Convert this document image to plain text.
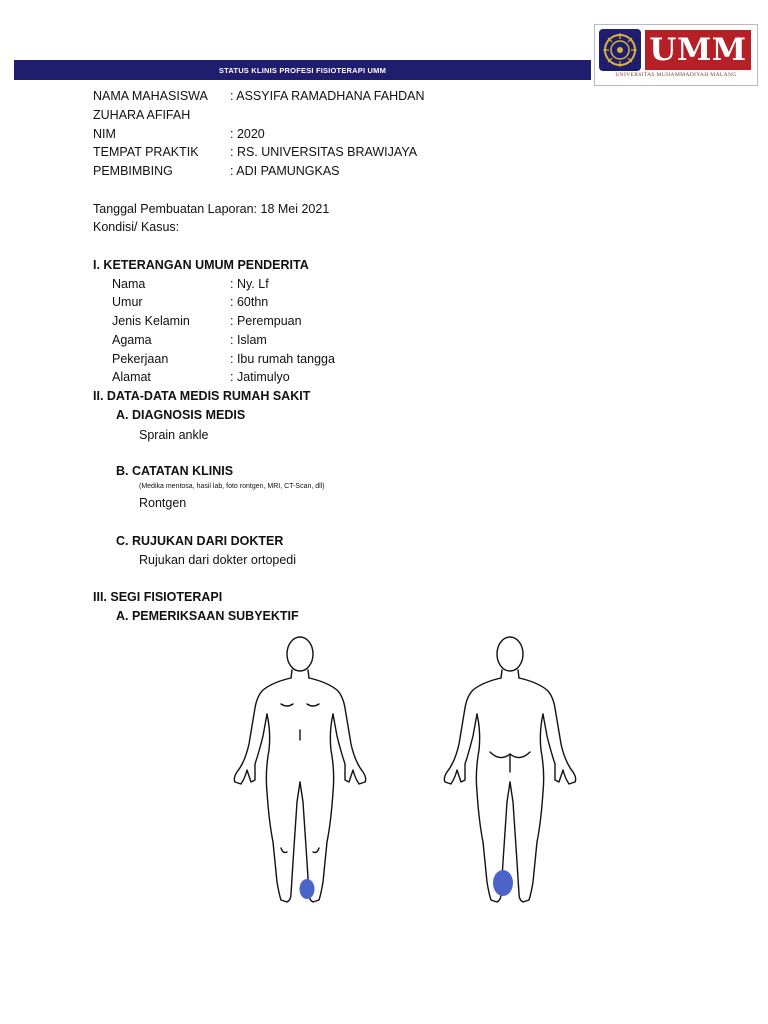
STATUS KLINIS PROFESI FISIOTERAPI UMM
UMM
UNIVERSITAS MUHAMMADIYAH MALANG
NAMA MAHASISWA : ASSYIFA RAMADHANA FAHDAN
ZUHARA AFIFAH
NIM	: 2020
TEMPAT PRAKTIK	: RS. UNIVERSITAS BRAWIJAYA
PEMBIMBING	: ADI PAMUNGKAS
Tanggal Pembuatan Laporan: 18 Mei 2021
Kondisi/ Kasus:
I. KETERANGAN UMUM PENDERITA
Nama	: Ny. Lf
Umur	: 60thn
Jenis Kelamin	: Perempuan
Agama	: Islam
Pekerjaan	: Ibu rumah tangga
Alamat	: Jatimulyo
II. DATA-DATA MEDIS RUMAH SAKIT
A. DIAGNOSIS MEDIS
Sprain ankle
B. CATATAN KLINIS
(Medika mentosa, hasil lab, foto rontgen, MRI, CT-Scan, dll)
Rontgen
C. RUJUKAN DARI DOKTER
Rujukan dari dokter ortopedi
III. SEGI FISIOTERAPI
A. PEMERIKSAAN SUBYEKTIF
